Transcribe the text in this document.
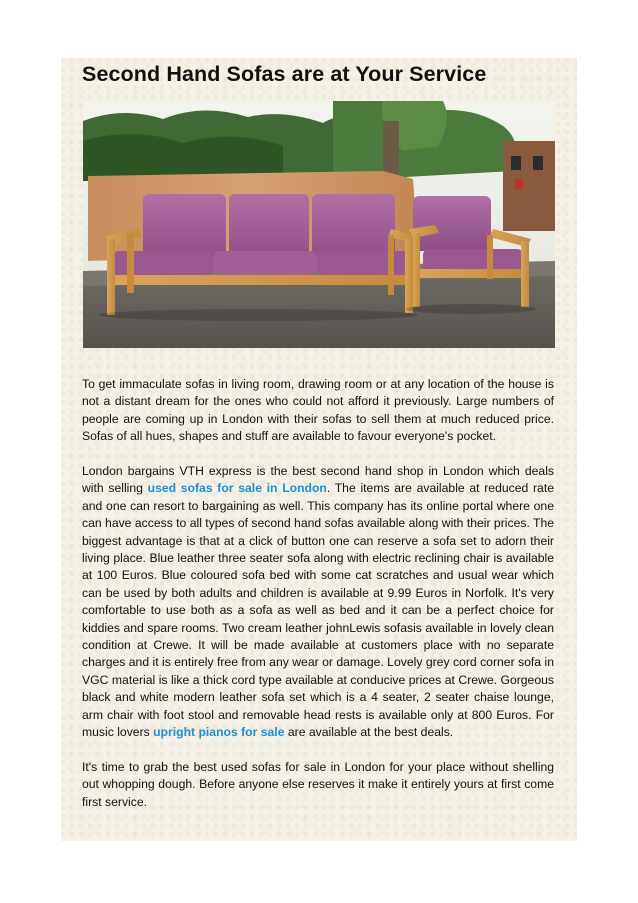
Second Hand Sofas are at Your Service

To get immaculate sofas in living room, drawing room or at any location of the house is not a distant dream for the ones who could not afford it previously. Large numbers of people are coming up in London with their sofas to sell them at much reduced price. Sofas of all hues, shapes and stuff are available to favour everyone's pocket.

London bargains VTH express is the best second hand shop in London which deals with selling used sofas for sale in London. The items are available at reduced rate and one can resort to bargaining as well. This company has its online portal where one can have access to all types of second hand sofas available along with their prices. The biggest advantage is that at a click of button one can reserve a sofa set to adorn their living place. Blue leather three seater sofa along with electric reclining chair is available at 100 Euros. Blue coloured sofa bed with some cat scratches and usual wear which can be used by both adults and children is available at 9.99 Euros in Norfolk. It's very comfortable to use both as a sofa as well as bed and it can be a perfect choice for kiddies and spare rooms. Two cream leather johnLewis sofasis available in lovely clean condition at Crewe. It will be made available at customers place with no separate charges and it is entirely free from any wear or damage. Lovely grey cord corner sofa in VGC material is like a thick cord type available at conducive prices at Crewe. Gorgeous black and white modern leather sofa set which is a 4 seater, 2 seater chaise lounge, arm chair with foot stool and removable head rests is available only at 800 Euros. For music lovers upright pianos for sale are available at the best deals.

It's time to grab the best used sofas for sale in London for your place without shelling out whopping dough. Before anyone else reserves it make it entirely yours at first come first service.
